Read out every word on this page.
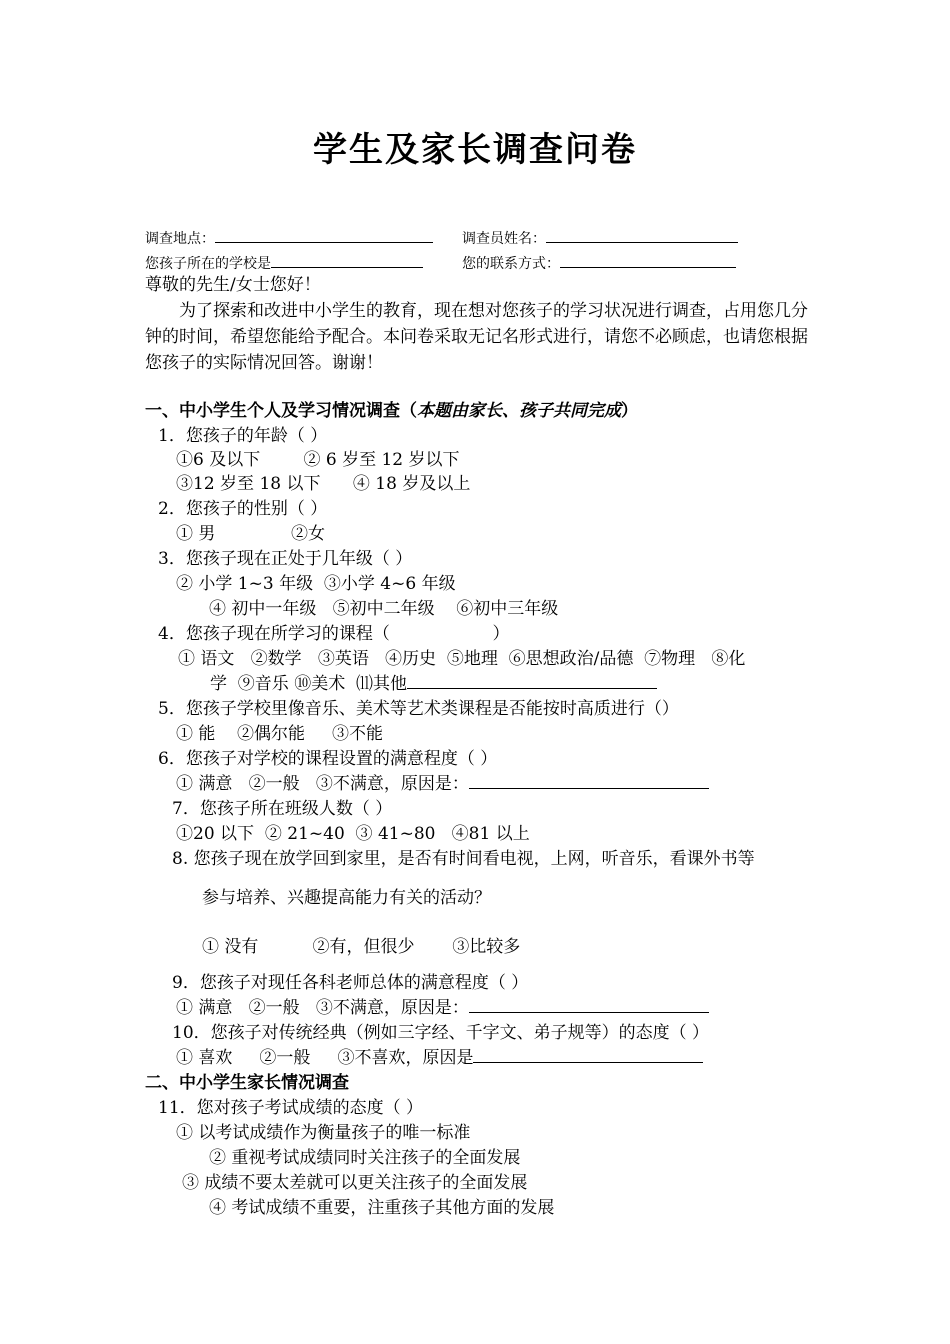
学生及家长调查问卷
调查地点：	调查员姓名：
您孩子所在的学校是	您的联系方式：
尊敬的先生/女士您好！
为了探索和改进中小学生的教育，现在想对您孩子的学习状况进行调查，占用您几分钟的时间，希望您能给予配合。本问卷采取无记名形式进行，请您不必顾虑，也请您根据您孩子的实际情况回答。谢谢！
一、中小学生个人及学习情况调查（本题由家长、孩子共同完成）
1．您孩子的年龄（ ）
①6 及以下        ② 6 岁至 12 岁以下
③12 岁至 18 以下      ④ 18 岁及以上
2．您孩子的性别（ ）
① 男              ②女
3．您孩子现在正处于几年级（ ）
② 小学 1~3 年级  ③小学 4~6 年级
④ 初中一年级   ⑤初中二年级    ⑥初中三年级
4．您孩子现在所学习的课程（                   ）
① 语文   ②数学   ③英语   ④历史  ⑤地理  ⑥思想政治/品德  ⑦物理   ⑧化
学  ⑨音乐 ⑩美术  ⑾其他
5．您孩子学校里像音乐、美术等艺术类课程是否能按时高质进行（）
① 能    ②偶尔能     ③不能
6．您孩子对学校的课程设置的满意程度（ ）
① 满意   ②一般   ③不满意，原因是：
7．您孩子所在班级人数（ ）
①20 以下  ② 21~40  ③ 41~80   ④81 以上
8. 您孩子现在放学回到家里，是否有时间看电视，上网，听音乐，看课外书等
参与培养、兴趣提高能力有关的活动？
① 没有          ②有，但很少       ③比较多
9．您孩子对现任各科老师总体的满意程度（ ）
① 满意   ②一般   ③不满意，原因是：
10．您孩子对传统经典（例如三字经、千字文、弟子规等）的态度（ ）
① 喜欢     ②一般     ③不喜欢，原因是
二、中小学生家长情况调查
11．您对孩子考试成绩的态度（ ）
① 以考试成绩作为衡量孩子的唯一标准
② 重视考试成绩同时关注孩子的全面发展
③ 成绩不要太差就可以更关注孩子的全面发展
④ 考试成绩不重要，注重孩子其他方面的发展
